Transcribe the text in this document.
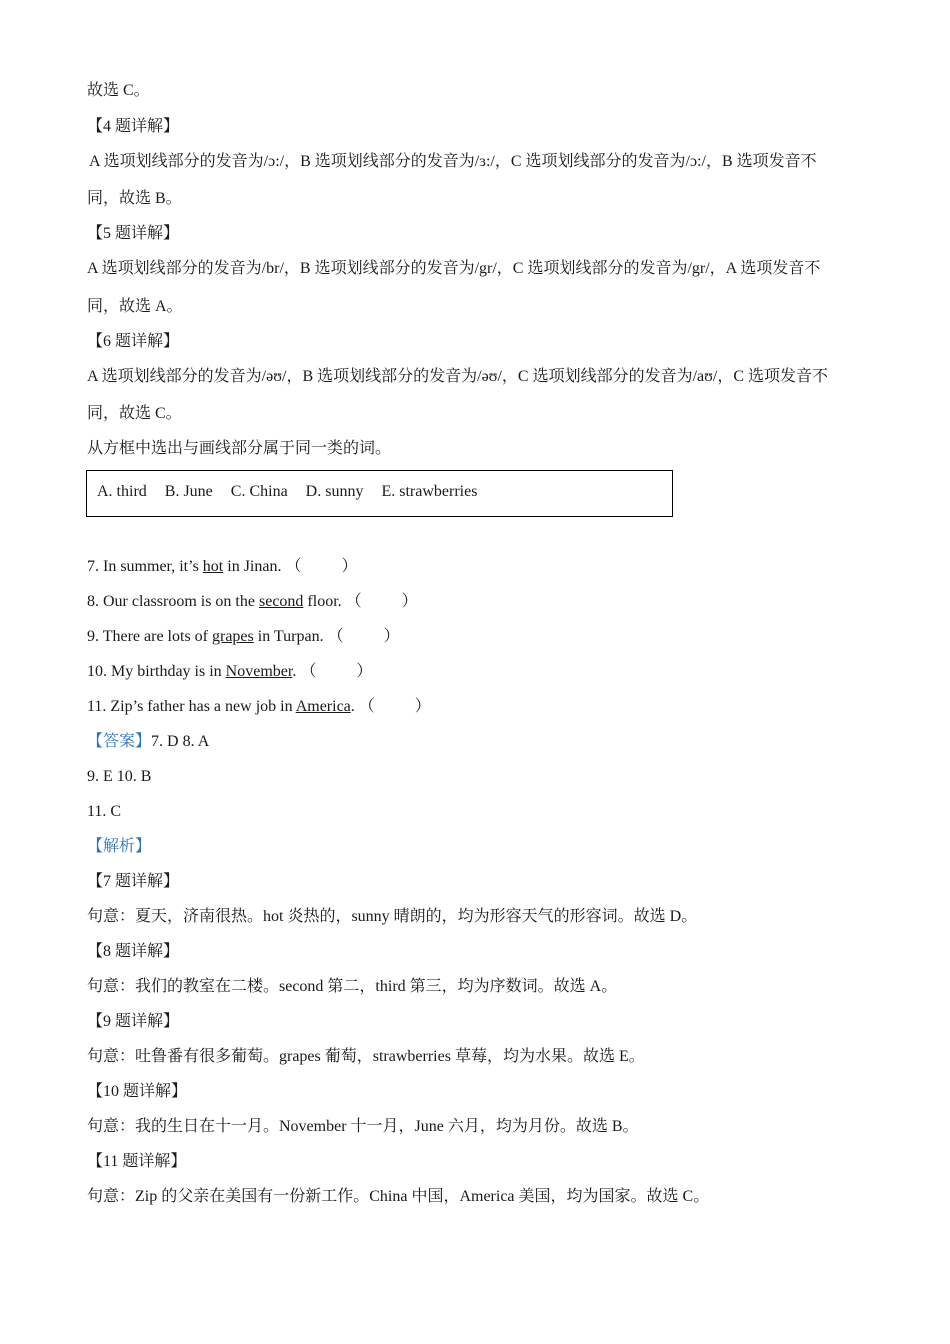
故选 C。
【4 题详解】
A 选项划线部分的发音为/ɔ:/，B 选项划线部分的发音为/ɜ:/，C 选项划线部分的发音为/ɔ:/，B 选项发音不
同，故选 B。
【5 题详解】
A 选项划线部分的发音为/br/，B 选项划线部分的发音为/gr/，C 选项划线部分的发音为/gr/，A 选项发音不
同，故选 A。
【6 题详解】
A 选项划线部分的发音为/əʊ/，B 选项划线部分的发音为/əʊ/，C 选项划线部分的发音为/aʊ/，C 选项发音不
同，故选 C。
从方框中选出与画线部分属于同一类的词。
A. third B. June C. China D. sunny E. strawberries
7. In summer, it’s hot in Jinan. （	）
8. Our classroom is on the second floor. （	）
9. There are lots of grapes in Turpan. （	）
10. My birthday is in November. （	）
11. Zip’s father has a new job in America. （	）
【答案】7. D 8. A
9. E 10. B
11. C
【解析】
【7 题详解】
句意：夏天，济南很热。hot 炎热的，sunny 晴朗的，均为形容天气的形容词。故选 D。
【8 题详解】
句意：我们的教室在二楼。second 第二，third 第三，均为序数词。故选 A。
【9 题详解】
句意：吐鲁番有很多葡萄。grapes 葡萄，strawberries 草莓，均为水果。故选 E。
【10 题详解】
句意：我的生日在十一月。November 十一月，June 六月，均为月份。故选 B。
【11 题详解】
句意：Zip 的父亲在美国有一份新工作。China 中国，America 美国，均为国家。故选 C。
